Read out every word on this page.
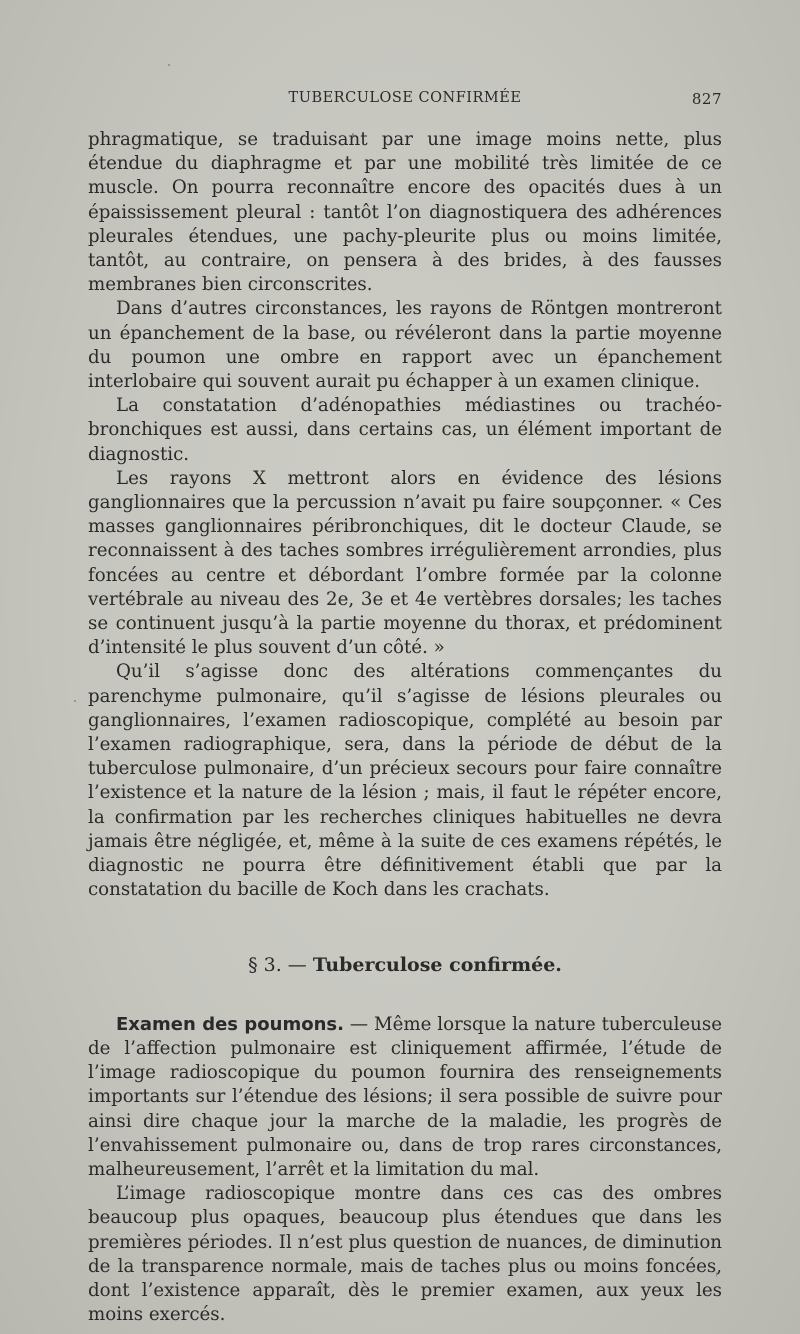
TUBERCULOSE CONFIRMÉE	827

phragmatique, se traduisant par une image moins nette, plus étendue du diaphragme et par une mobilité très limitée de ce muscle. On pourra reconnaître encore des opacités dues à un épaississement pleural : tantôt l’on diagnostiquera des adhérences pleurales étendues, une pachy-pleurite plus ou moins limitée, tantôt, au contraire, on pensera à des brides, à des fausses membranes bien circonscrites.

Dans d’autres circonstances, les rayons de Röntgen montreront un épanchement de la base, ou révéleront dans la partie moyenne du poumon une ombre en rapport avec un épanchement interlobaire qui souvent aurait pu échapper à un examen clinique.

La constatation d’adénopathies médiastines ou trachéo-bronchiques est aussi, dans certains cas, un élément important de diagnostic.

Les rayons X mettront alors en évidence des lésions ganglionnaires que la percussion n’avait pu faire soupçonner. « Ces masses ganglionnaires péribronchiques, dit le docteur Claude, se reconnaissent à des taches sombres irrégulièrement arrondies, plus foncées au centre et débordant l’ombre formée par la colonne vertébrale au niveau des 2e, 3e et 4e vertèbres dorsales; les taches se continuent jusqu’à la partie moyenne du thorax, et prédominent d’intensité le plus souvent d’un côté. »

Qu’il s’agisse donc des altérations commençantes du parenchyme pulmonaire, qu’il s’agisse de lésions pleurales ou ganglionnaires, l’examen radioscopique, complété au besoin par l’examen radiographique, sera, dans la période de début de la tuberculose pulmonaire, d’un précieux secours pour faire connaître l’existence et la nature de la lésion ; mais, il faut le répéter encore, la confirmation par les recherches cliniques habituelles ne devra jamais être négligée, et, même à la suite de ces examens répétés, le diagnostic ne pourra être définitivement établi que par la constatation du bacille de Koch dans les crachats.

§ 3. — Tuberculose confirmée.

Examen des poumons. — Même lorsque la nature tuberculeuse de l’affection pulmonaire est cliniquement affirmée, l’étude de l’image radioscopique du poumon fournira des renseignements importants sur l’étendue des lésions; il sera possible de suivre pour ainsi dire chaque jour la marche de la maladie, les progrès de l’envahissement pulmonaire ou, dans de trop rares circonstances, malheureusement, l’arrêt et la limitation du mal.

L’image radioscopique montre dans ces cas des ombres beaucoup plus opaques, beaucoup plus étendues que dans les premières périodes. Il n’est plus question de nuances, de diminution de la transparence normale, mais de taches plus ou moins foncées, dont l’existence apparaît, dès le premier examen, aux yeux les moins exercés.
